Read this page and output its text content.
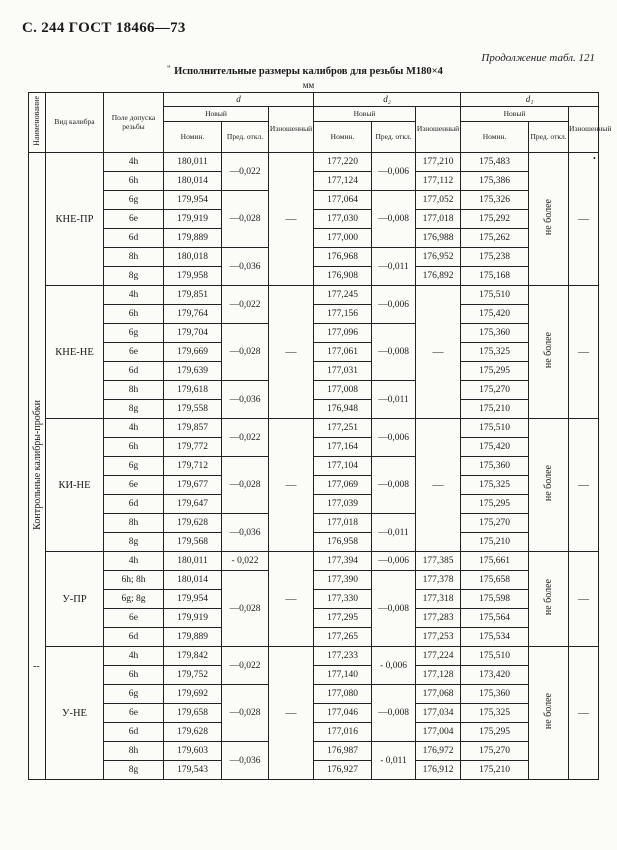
С. 244 ГОСТ 18466—73
Продолжение табл. 121
" Исполнительные размеры калибров для резьбы М180×4
мм
•
--
Наименование	Вид калибра	Поле допуска резьбы	d			d₂			d₁		
			Новый		Изношенный	Новый		Изношенный	Новый		Изношенный
			Номин.	Пред. откл.		Номин.	Пред. откл.		Номин.	Пред. откл.	
Контрольные калибры-пробки	КНЕ-ПР	4h	180,011	—0,022	—	177,220	—0,006	177,210	175,483	не более	—
		6h	180,014			177,124		177,112	175,386		
		6g	179,954	—0,028		177,064	—0,008	177,052	175,326		
		6e	179,919			177,030		177,018	175,292		
		6d	179,889			177,000		176,988	175,262		
		8h	180,018	—0,036		176,968	—0,011	176,952	175,238		
		8g	179,958			176,908		176,892	175,168		
	КНЕ-НЕ	4h	179,851	—0,022	—	177,245	—0,006	—	175,510	не более	—
		6h	179,764			177,156			175,420		
		6g	179,704	—0,028		177,096	—0,008		175,360		
		6e	179,669			177,061			175,325		
		6d	179,639			177,031			175,295		
		8h	179,618	—0,036		177,008	—0,011		175,270		
		8g	179,558			176,948			175,210		
	КИ-НЕ	4h	179,857	—0,022	—	177,251	—0,006	—	175,510	не более	—
		6h	179,772			177,164			175,420		
		6g	179,712	—0,028		177,104	—0,008		175,360		
		6e	179,677			177,069			175,325		
		6d	179,647			177,039			175,295		
		8h	179,628	—0,036		177,018	—0,011		175,270		
		8g	179,568			176,958			175,210		
	У-ПР	4h	180,011	- 0,022	—	177,394	—0,006	177,385	175,661	не более	—
		6h; 8h	180,014	—0,028		177,390	—0,008	177,378	175,658		
		6g; 8g	179,954			177,330		177,318	175,598		
		6e	179,919			177,295		177,283	175,564		
		6d	179,889			177,265		177,253	175,534		
	У-НЕ	4h	179,842	—0,022	—	177,233	- 0,006	177,224	175,510	не более	—
		6h	179,752			177,140		177,128	173,420		
		6g	179,692	—0,028		177,080	—0,008	177,068	175,360		
		6e	179,658			177,046		177,034	175,325		
		6d	179,628			177,016		177,004	175,295		
		8h	179,603	—0,036		176,987	- 0,011	176,972	175,270		
		8g	179,543			176,927		176,912	175,210		
